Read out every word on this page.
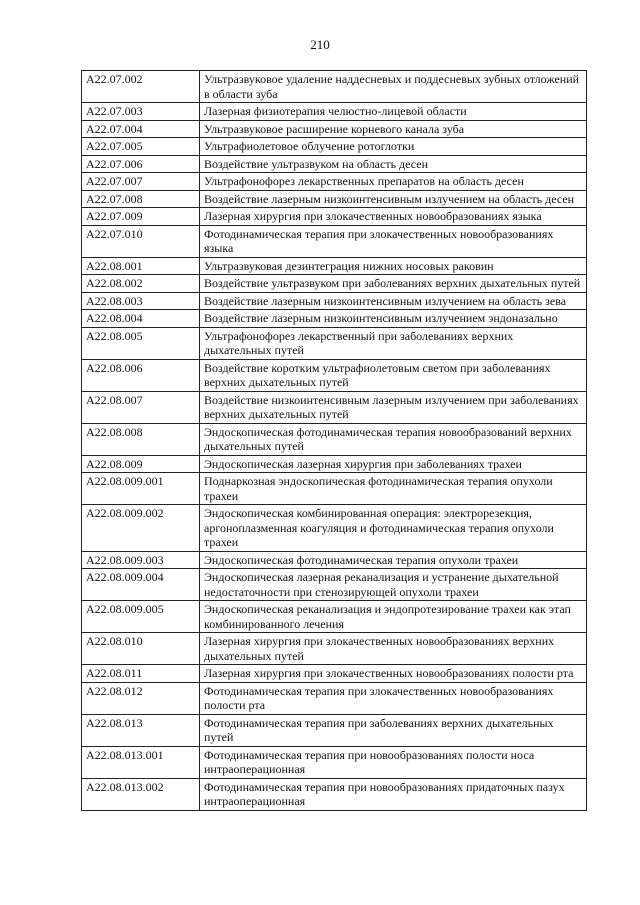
210
A22.07.002	Ультразвуковое удаление наддесневых и поддесневых зубных отложений в области зуба
A22.07.003	Лазерная физиотерапия челюстно-лицевой области
A22.07.004	Ультразвуковое расширение корневого канала зуба
A22.07.005	Ультрафиолетовое облучение ротоглотки
A22.07.006	Воздействие ультразвуком на область десен
A22.07.007	Ультрафонофорез лекарственных препаратов на область десен
A22.07.008	Воздействие лазерным низкоинтенсивным излучением на область десен
A22.07.009	Лазерная хирургия при злокачественных новообразованиях языка
A22.07.010	Фотодинамическая терапия при злокачественных новообразованиях языка
A22.08.001	Ультразвуковая дезинтеграция нижних носовых раковин
A22.08.002	Воздействие ультразвуком при заболеваниях верхних дыхательных путей
A22.08.003	Воздействие лазерным низкоинтенсивным излучением на область зева
A22.08.004	Воздействие лазерным низкоинтенсивным излучением эндоназально
A22.08.005	Ультрафонофорез лекарственный при заболеваниях верхних дыхательных путей
A22.08.006	Воздействие коротким ультрафиолетовым светом при заболеваниях верхних дыхательных путей
A22.08.007	Воздействие низкоинтенсивным лазерным излучением при заболеваниях верхних дыхательных путей
A22.08.008	Эндоскопическая фотодинамическая терапия новообразований верхних дыхательных путей
A22.08.009	Эндоскопическая лазерная хирургия при заболеваниях трахеи
A22.08.009.001	Поднаркозная эндоскопическая фотодинамическая терапия опухоли трахеи
A22.08.009.002	Эндоскопическая комбинированная операция: электрорезекция, аргоноплазменная коагуляция и фотодинамическая терапия опухоли трахеи
A22.08.009.003	Эндоскопическая фотодинамическая терапия опухоли трахеи
A22.08.009.004	Эндоскопическая лазерная реканализация и устранение дыхательной недостаточности при стенозирующей опухоли трахеи
A22.08.009.005	Эндоскопическая реканализация и эндопротезирование трахеи как этап комбинированного лечения
A22.08.010	Лазерная хирургия при злокачественных новообразованиях верхних дыхательных путей
A22.08.011	Лазерная хирургия при злокачественных новообразованиях полости рта
A22.08.012	Фотодинамическая терапия при злокачественных новообразованиях полости рта
A22.08.013	Фотодинамическая терапия при заболеваниях верхних дыхательных путей
A22.08.013.001	Фотодинамическая терапия при новообразованиях полости носа интраоперационная
A22.08.013.002	Фотодинамическая терапия при новообразованиях придаточных пазух интраоперационная
